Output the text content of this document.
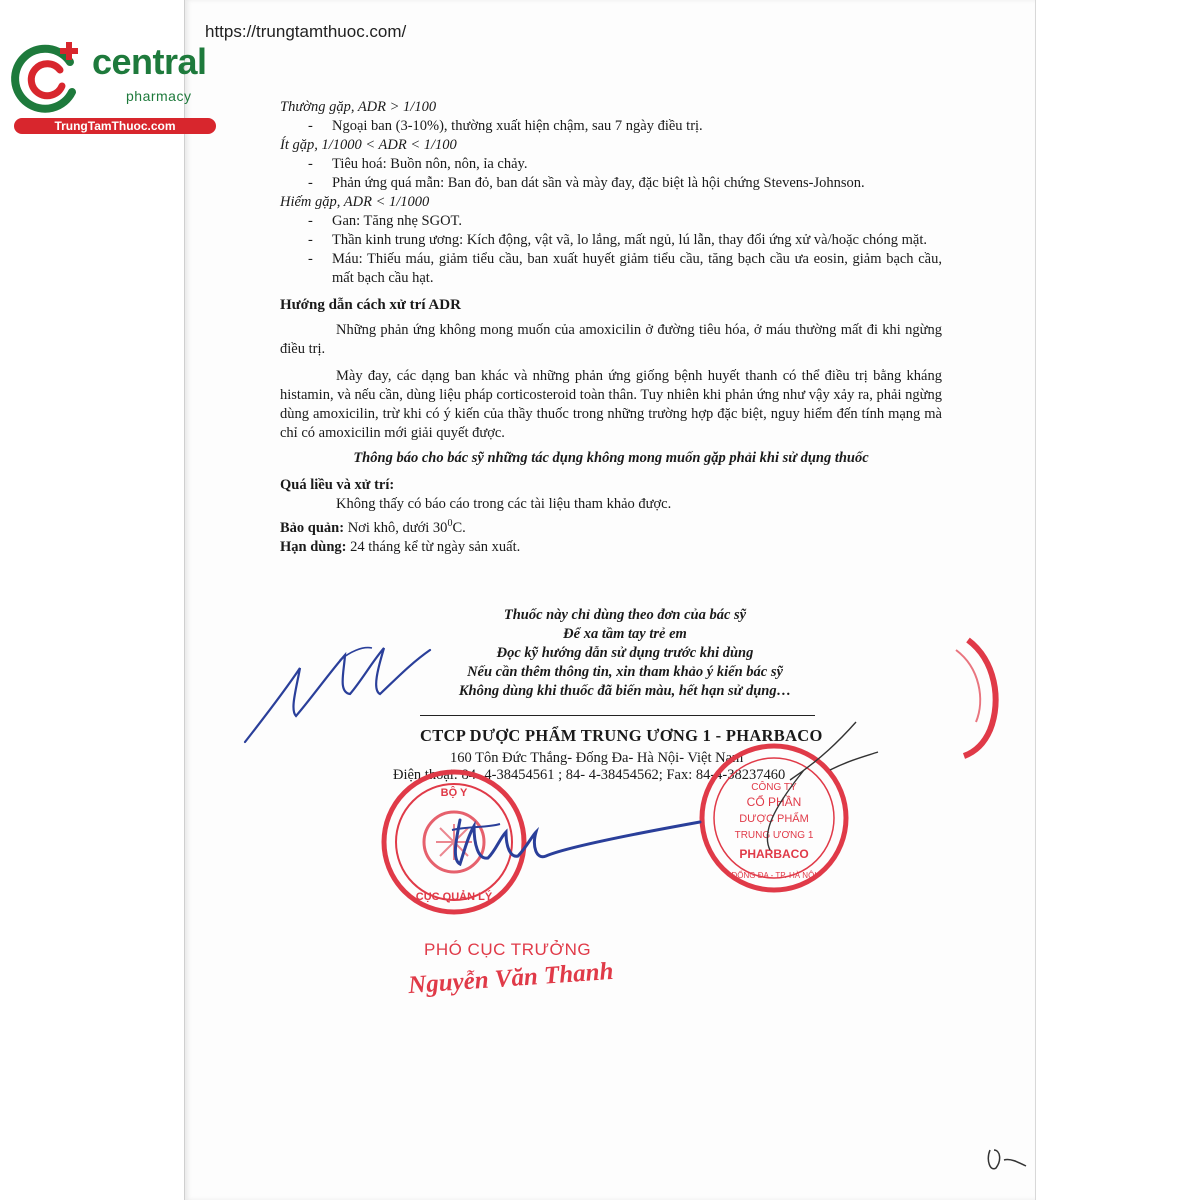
https://trungtamthuoc.com/
central
pharmacy
TrungTamThuoc.com
Thường gặp, ADR > 1/100
-	Ngoại ban (3-10%), thường xuất hiện chậm, sau 7 ngày điều trị.
Ít gặp, 1/1000 < ADR < 1/100
-	Tiêu hoá: Buồn nôn, nôn, ỉa chảy.
-	Phản ứng quá mẫn: Ban đỏ, ban dát sần và mày đay, đặc biệt là hội chứng Stevens-Johnson.
Hiếm gặp, ADR < 1/1000
-	Gan: Tăng nhẹ SGOT.
-	Thần kinh trung ương: Kích động, vật vã, lo lắng, mất ngủ, lú lẫn, thay đổi ứng xử và/hoặc chóng mặt.
-	Máu: Thiếu máu, giảm tiểu cầu, ban xuất huyết giảm tiểu cầu, tăng bạch cầu ưa eosin, giảm bạch cầu, mất bạch cầu hạt.
Hướng dẫn cách xử trí ADR

Những phản ứng không mong muốn của amoxicilin ở đường tiêu hóa, ở máu thường mất đi khi ngừng điều trị.

Mày đay, các dạng ban khác và những phản ứng giống bệnh huyết thanh có thể điều trị bằng kháng histamin, và nếu cần, dùng liệu pháp corticosteroid toàn thân. Tuy nhiên khi phản ứng như vậy xảy ra, phải ngừng dùng amoxicilin, trừ khi có ý kiến của thầy thuốc trong những trường hợp đặc biệt, nguy hiểm đến tính mạng mà chỉ có amoxicilin mới giải quyết được.

Thông báo cho bác sỹ những tác dụng không mong muốn gặp phải khi sử dụng thuốc
Quá liều và xử trí:
Không thấy có báo cáo trong các tài liệu tham khảo được.
Bảo quản: Nơi khô, dưới $30^0C$.
Hạn dùng: 24 tháng kể từ ngày sản xuất.
Thuốc này chỉ dùng theo đơn của bác sỹ
Để xa tầm tay trẻ em
Đọc kỹ hướng dẫn sử dụng trước khi dùng
Nếu cần thêm thông tin, xin tham khảo ý kiến bác sỹ
Không dùng khi thuốc đã biến màu, hết hạn sử dụng…
CTCP DƯỢC PHẨM TRUNG ƯƠNG 1 - PHARBACO
160 Tôn Đức Thắng- Đống Đa- Hà Nội- Việt Nam
Điện thoại: 84- 4-38454561 ; 84- 4-38454562; Fax: 84-4-38237460
BỘ Y
CỤC QUẢN LÝ
CÔNG TY
CỔ PHẦN
DƯỢC PHẨM
TRUNG ƯƠNG 1
PHARBACO
ĐỐNG ĐA - TP. HÀ NỘI
PHÓ CỤC TRƯỞNG
Nguyễn Văn Thanh
